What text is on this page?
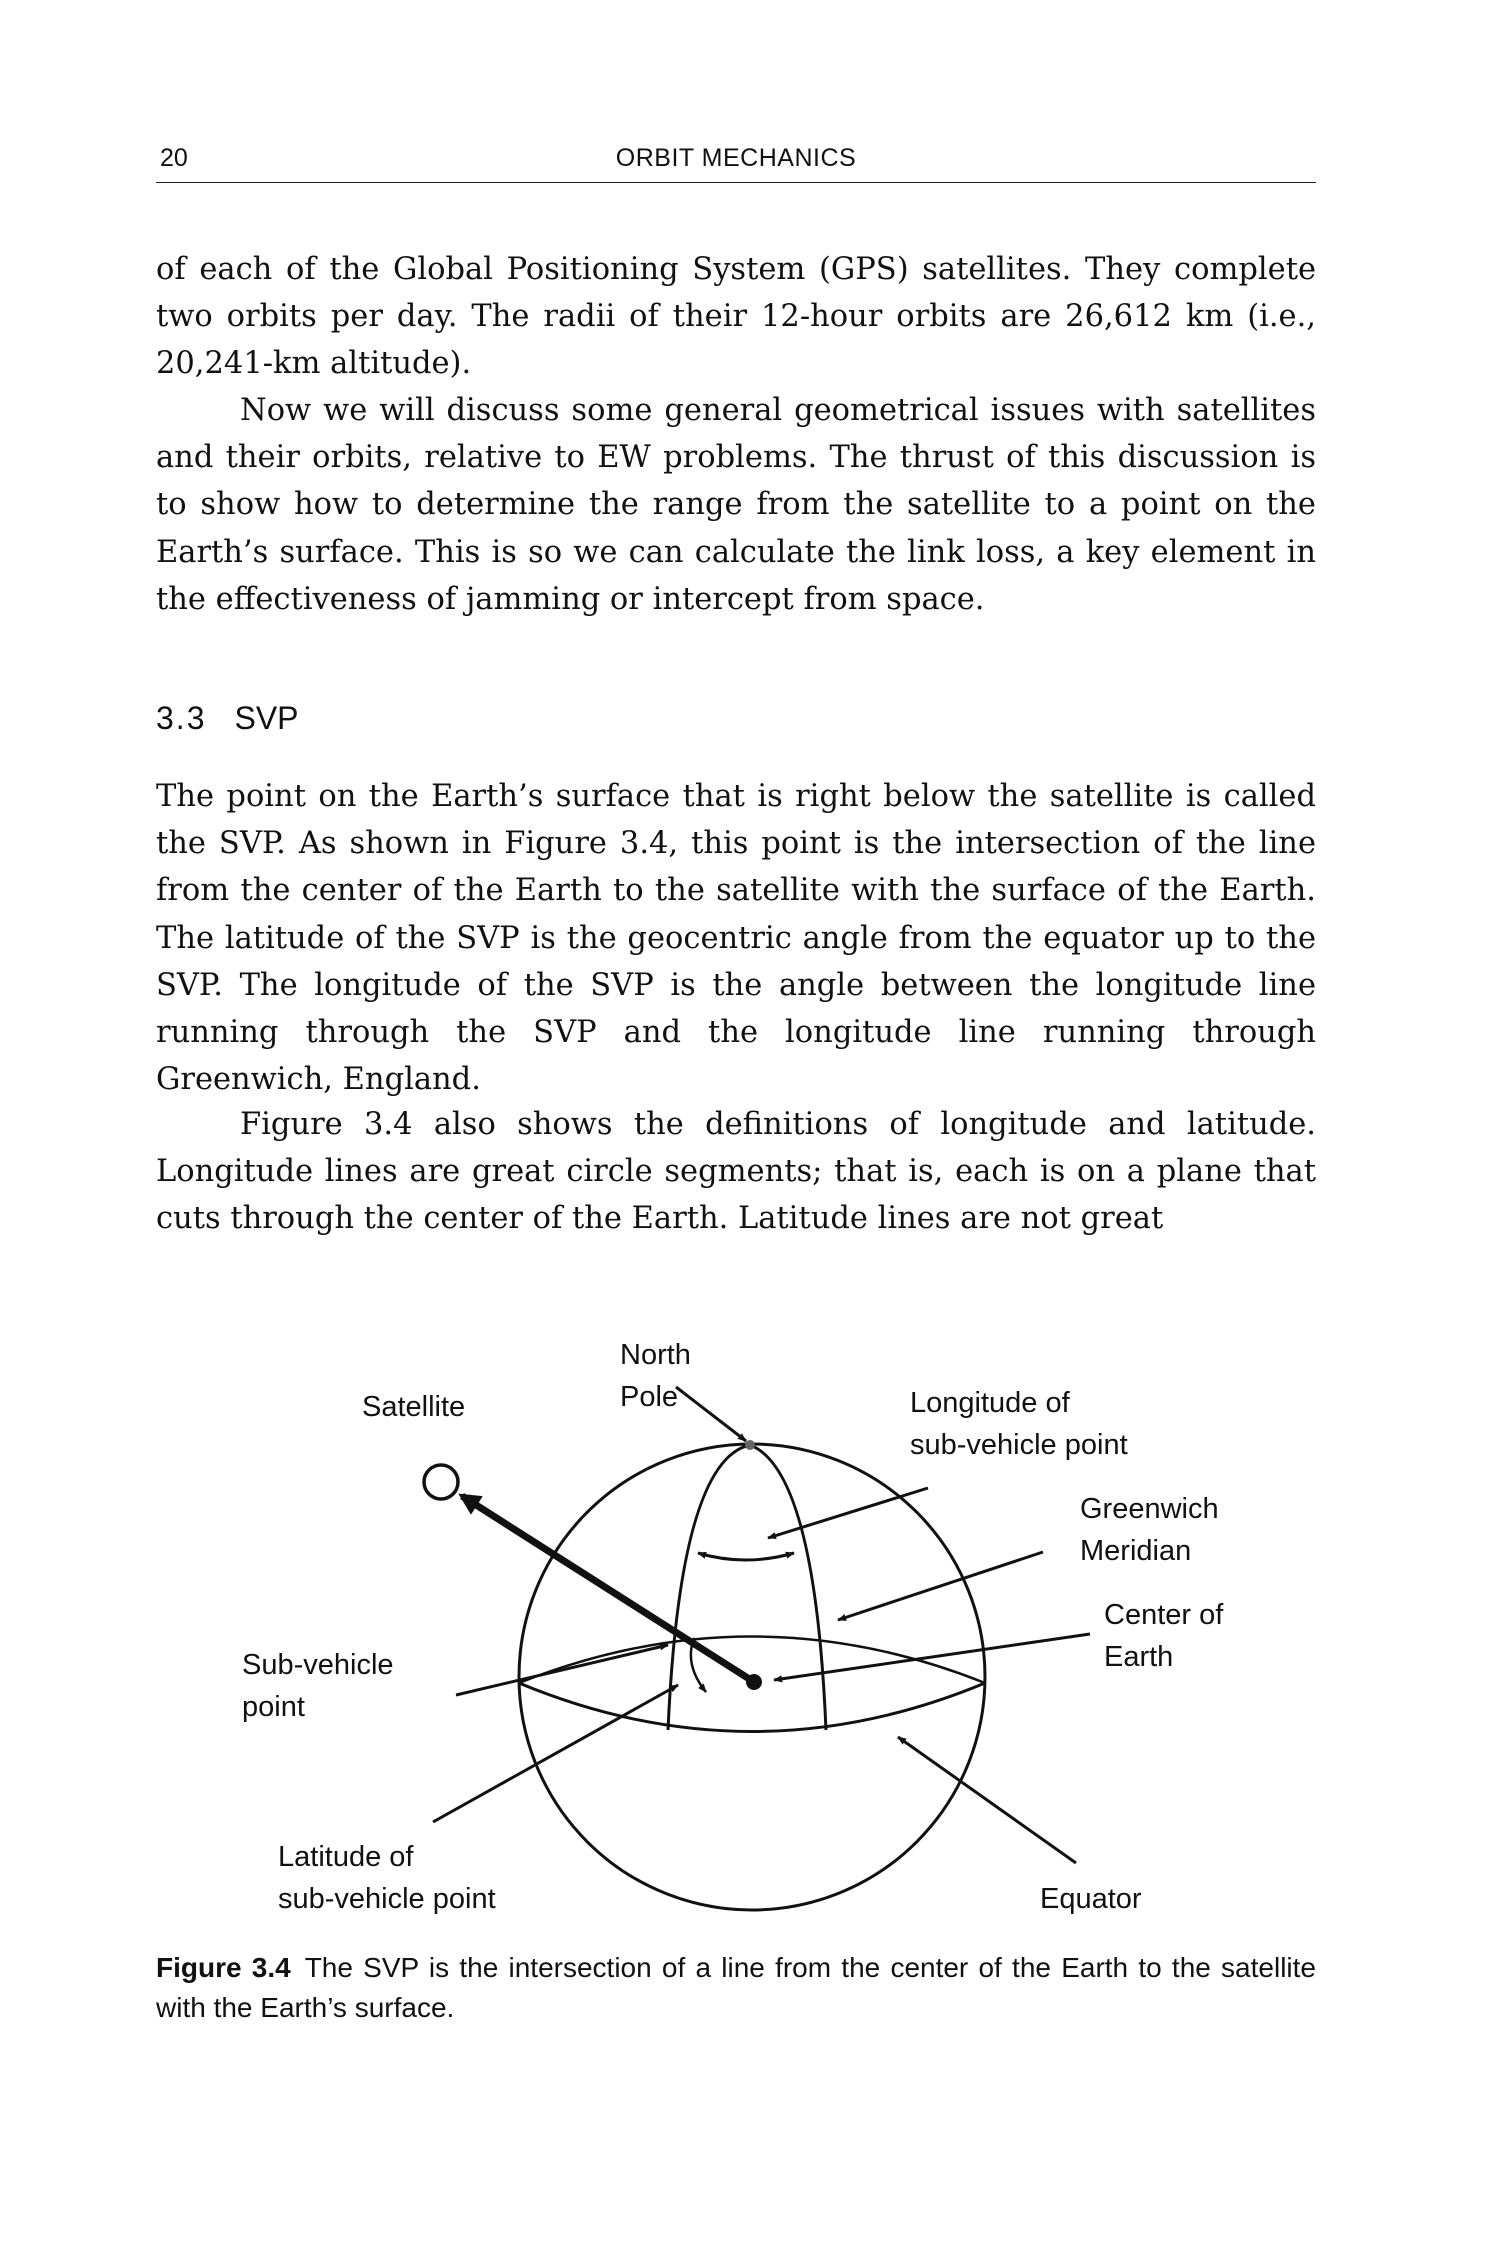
20	ORBIT MECHANICS

of each of the Global Positioning System (GPS) satellites. They complete two orbits per day. The radii of their 12-hour orbits are 26,612 km (i.e., 20,241-km altitude).

Now we will discuss some general geometrical issues with satellites and their orbits, relative to EW problems. The thrust of this discussion is to show how to determine the range from the satellite to a point on the Earth’s surface. This is so we can calculate the link loss, a key element in the effectiveness of jamming or intercept from space.

3.3 SVP

The point on the Earth’s surface that is right below the satellite is called the SVP. As shown in Figure 3.4, this point is the intersection of the line from the center of the Earth to the satellite with the surface of the Earth. The latitude of the SVP is the geocentric angle from the equator up to the SVP. The longitude of the SVP is the angle between the longitude line running through the SVP and the longitude line running through Greenwich, England.

Figure 3.4 also shows the definitions of longitude and latitude. Longitude lines are great circle segments; that is, each is on a plane that cuts through the center of the Earth. Latitude lines are not great

North
Pole
Satellite	Longitude of
sub-vehicle point
Greenwich
Meridian
Center of
Earth
Sub-vehicle
point
Latitude of
sub-vehicle point	Equator

Figure 3.4 The SVP is the intersection of a line from the center of the Earth to the satellite with the Earth’s surface.
